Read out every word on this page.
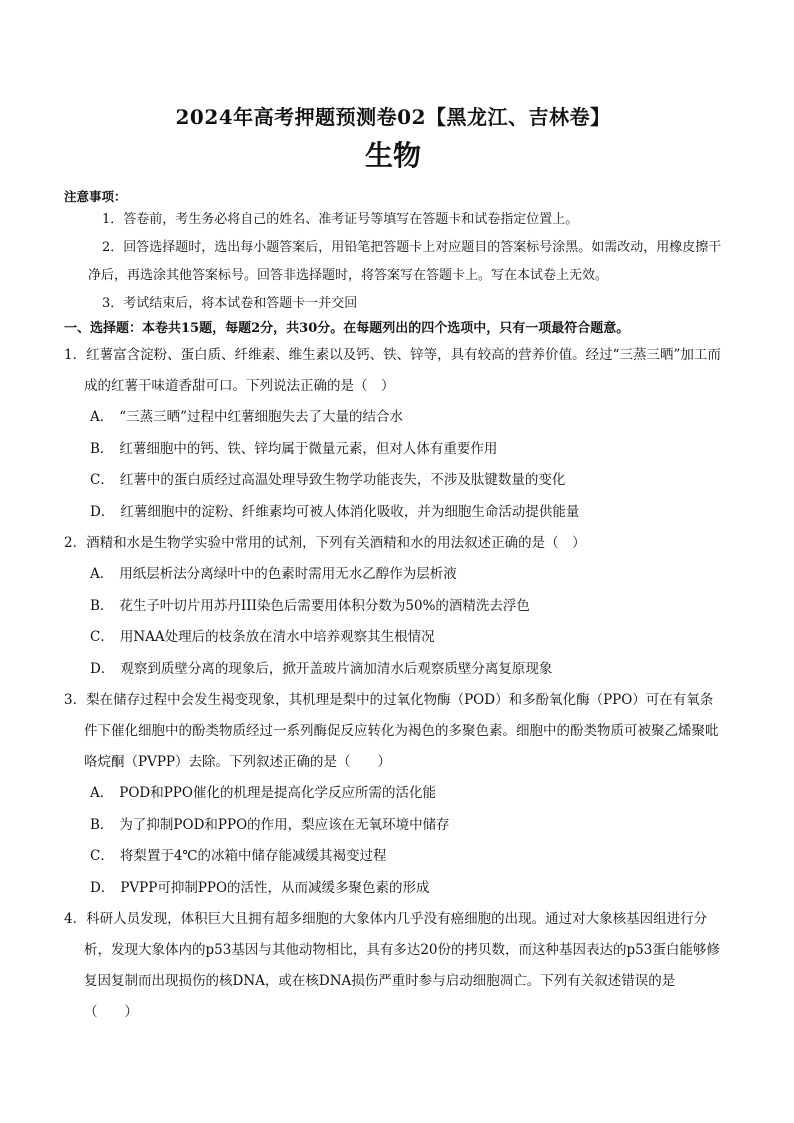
2024年高考押题预测卷02【黑龙江、吉林卷】
生物
注意事项：
1．答卷前，考生务必将自己的姓名、准考证号等填写在答题卡和试卷指定位置上。
2．回答选择题时，选出每小题答案后，用铅笔把答题卡上对应题目的答案标号涂黑。如需改动，用橡皮擦干净后，再选涂其他答案标号。回答非选择题时，将答案写在答题卡上。写在本试卷上无效。
3．考试结束后，将本试卷和答题卡一并交回
一、选择题：本卷共15题，每题2分，共30分。在每题列出的四个选项中，只有一项最符合题意。
1．红薯富含淀粉、蛋白质、纤维素、维生素以及钙、铁、锌等，具有较高的营养价值。经过“三蒸三晒”加工而成的红薯干味道香甜可口。下列说法正确的是（　）
A． “三蒸三晒”过程中红薯细胞失去了大量的结合水
B． 红薯细胞中的钙、铁、锌均属于微量元素，但对人体有重要作用
C． 红薯中的蛋白质经过高温处理导致生物学功能丧失，不涉及肽键数量的变化
D． 红薯细胞中的淀粉、纤维素均可被人体消化吸收，并为细胞生命活动提供能量
2．酒精和水是生物学实验中常用的试剂，下列有关酒精和水的用法叙述正确的是（　）
A． 用纸层析法分离绿叶中的色素时需用无水乙醇作为层析液
B． 花生子叶切片用苏丹III染色后需要用体积分数为50%的酒精洗去浮色
C． 用NAA处理后的枝条放在清水中培养观察其生根情况
D． 观察到质壁分离的现象后，掀开盖玻片滴加清水后观察质壁分离复原现象
3．梨在储存过程中会发生褐变现象，其机理是梨中的过氧化物酶（POD）和多酚氧化酶（PPO）可在有氧条件下催化细胞中的酚类物质经过一系列酶促反应转化为褐色的多聚色素。细胞中的酚类物质可被聚乙烯聚吡咯烷酮（PVPP）去除。下列叙述正确的是（　　）
A． POD和PPO催化的机理是提高化学反应所需的活化能
B． 为了抑制POD和PPO的作用，梨应该在无氧环境中储存
C． 将梨置于4℃的冰箱中储存能减缓其褐变过程
D． PVPP可抑制PPO的活性，从而减缓多聚色素的形成
4．科研人员发现，体积巨大且拥有超多细胞的大象体内几乎没有癌细胞的出现。通过对大象核基因组进行分析，发现大象体内的p53基因与其他动物相比，具有多达20份的拷贝数，而这种基因表达的p53蛋白能够修复因复制而出现损伤的核DNA，或在核DNA损伤严重时参与启动细胞凋亡。下列有关叙述错误的是（　　）
